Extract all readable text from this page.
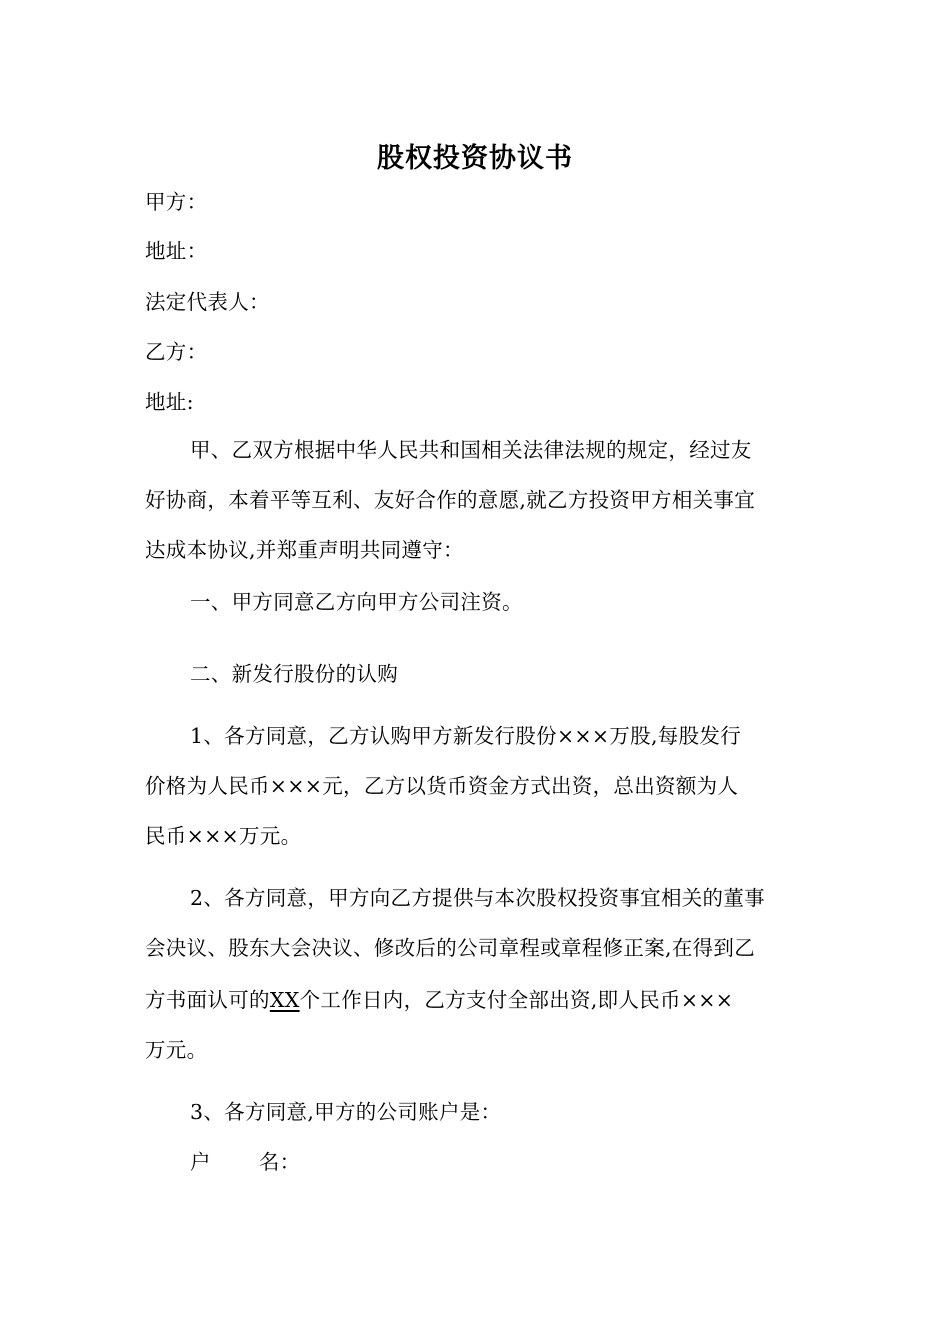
股权投资协议书
甲方：
地址：
法定代表人：
乙方：
地址:
甲、乙双方根据中华人民共和国相关法律法规的规定，经过友
好协商，本着平等互利、友好合作的意愿,就乙方投资甲方相关事宜
达成本协议,并郑重声明共同遵守：
一、甲方同意乙方向甲方公司注资。
二、新发行股份的认购
1、各方同意，乙方认购甲方新发行股份×××万股,每股发行
价格为人民币×××元，乙方以货币资金方式出资，总出资额为人
民币×××万元。
2、各方同意，甲方向乙方提供与本次股权投资事宜相关的董事
会决议、股东大会决议、修改后的公司章程或章程修正案,在得到乙
方书面认可的XX个工作日内，乙方支付全部出资,即人民币×××
万元。
3、各方同意,甲方的公司账户是：
户 名：
